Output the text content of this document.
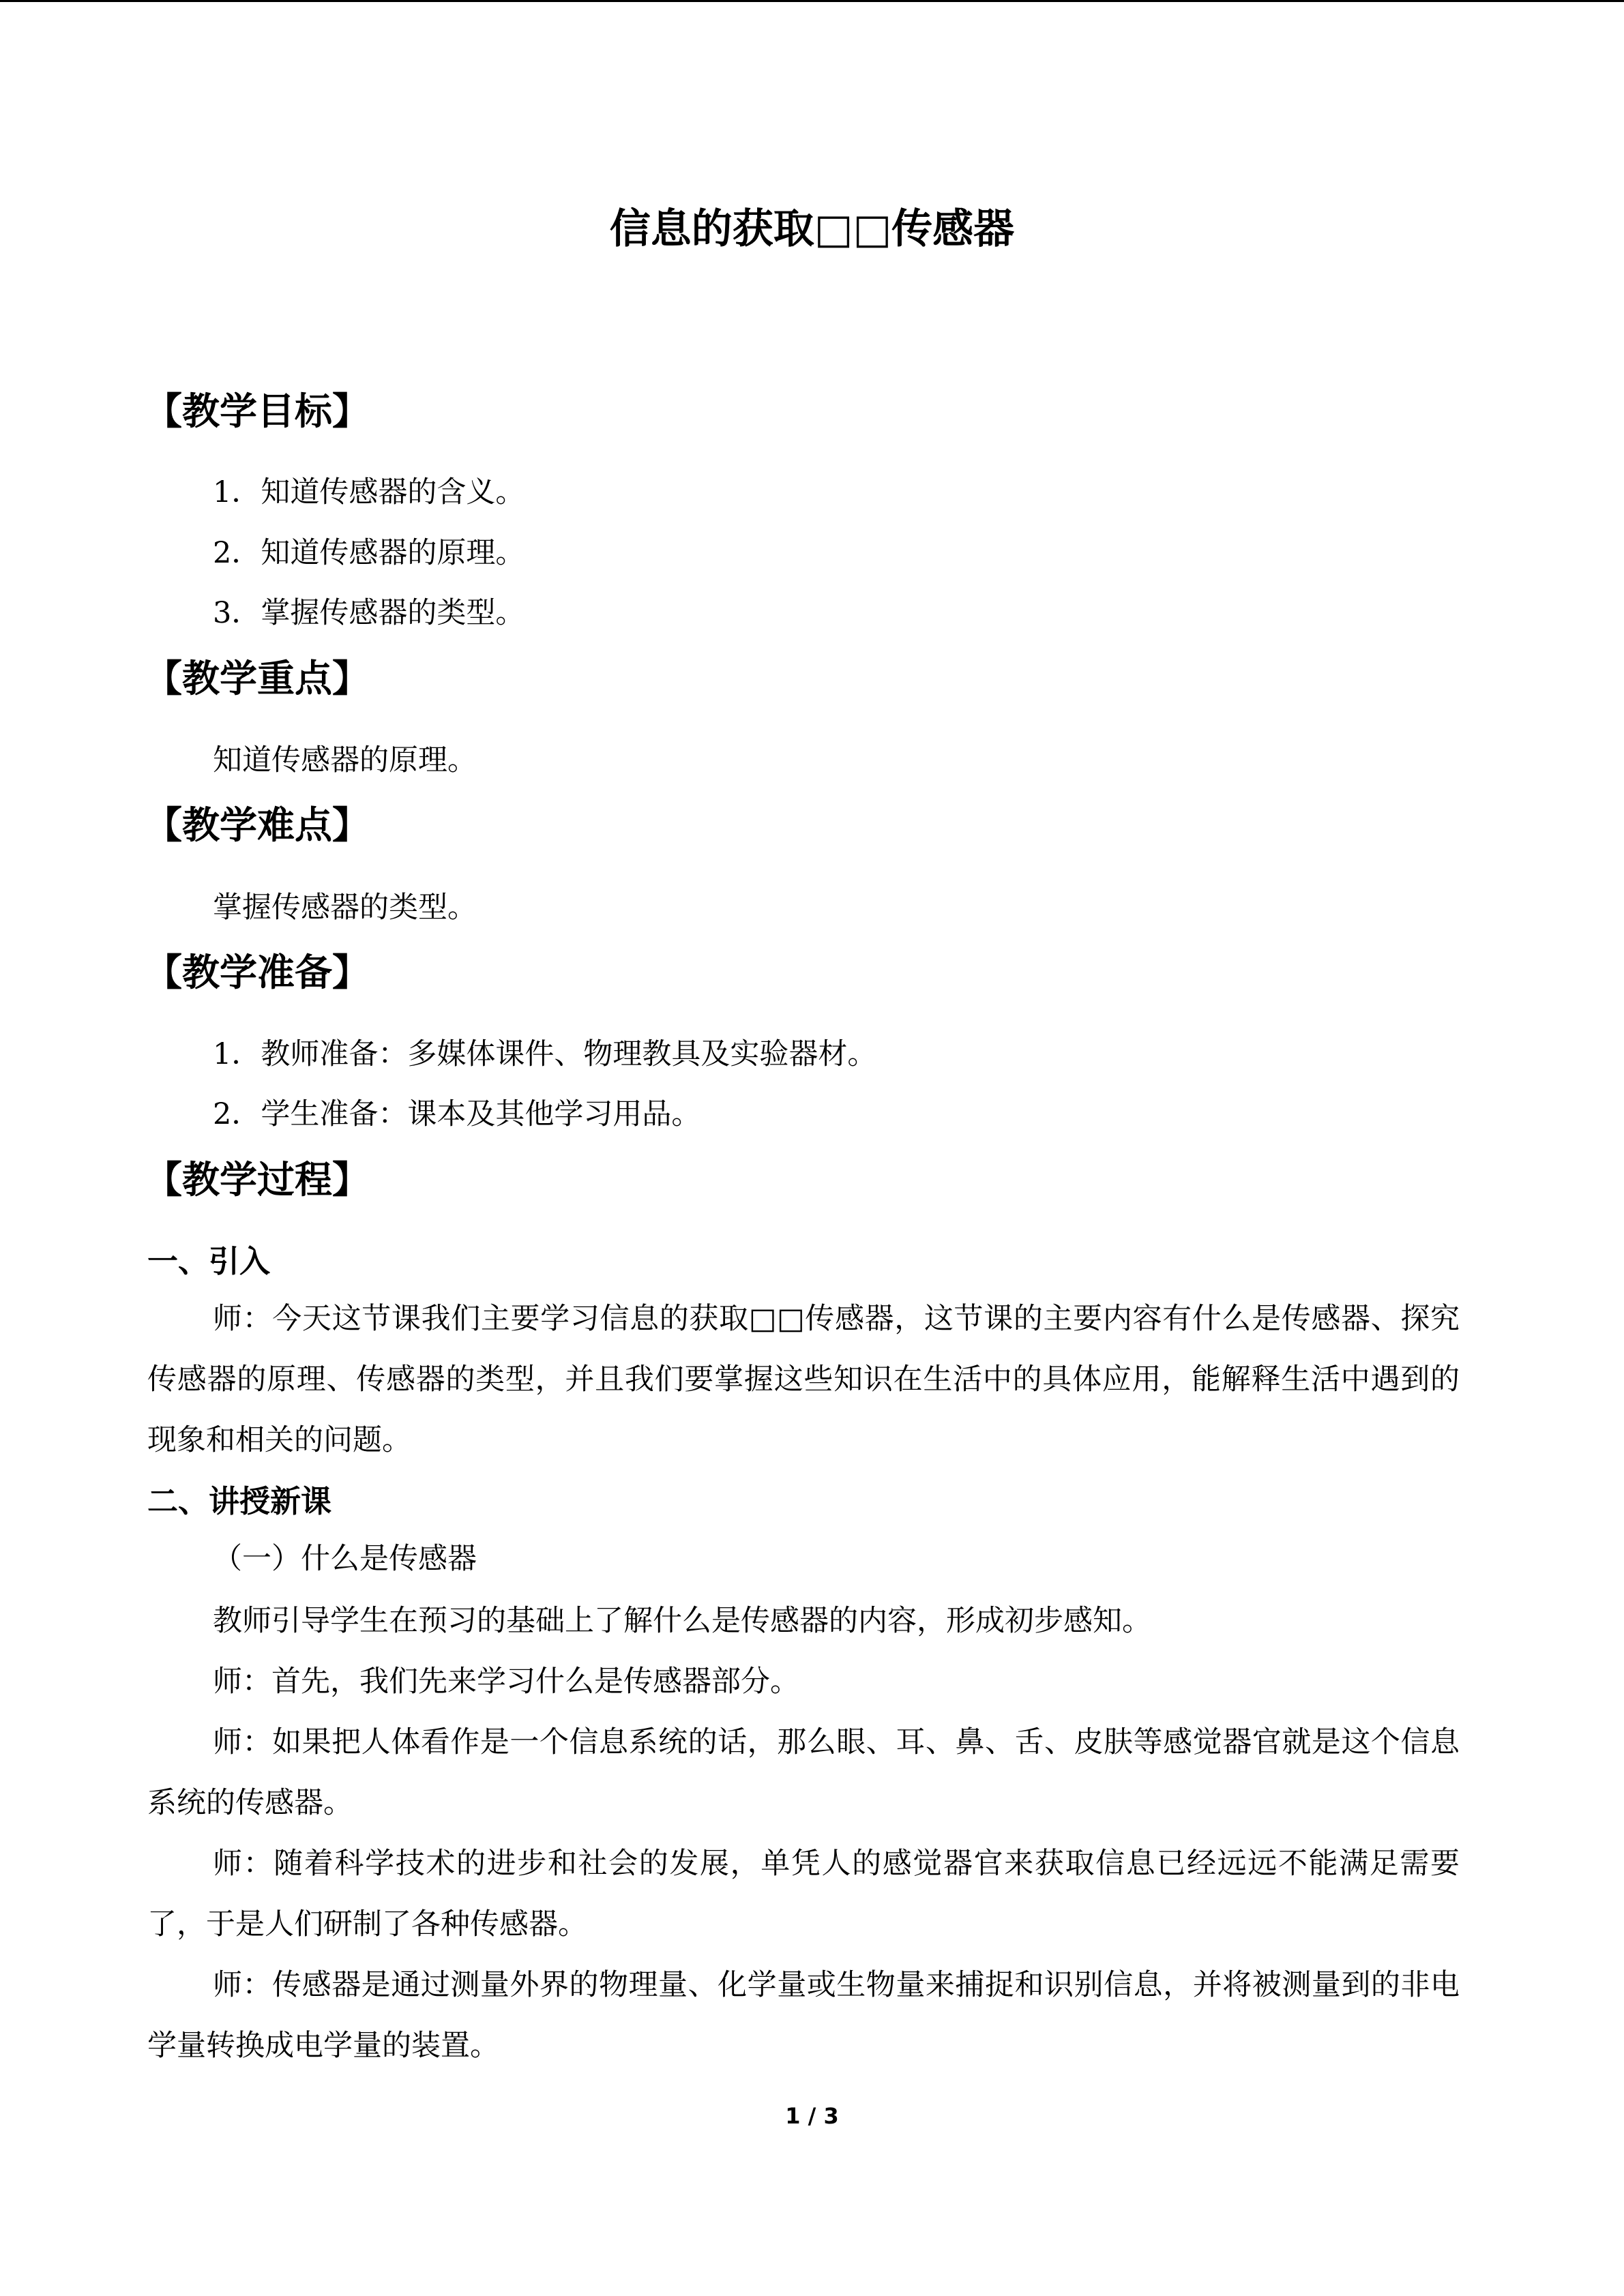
信息的获取□□传感器
【教学目标】
1．知道传感器的含义。
2．知道传感器的原理。
3．掌握传感器的类型。
【教学重点】
知道传感器的原理。
【教学难点】
掌握传感器的类型。
【教学准备】
1．教师准备：多媒体课件、物理教具及实验器材。
2．学生准备：课本及其他学习用品。
【教学过程】
一、引入

师：今天这节课我们主要学习信息的获取□□传感器，这节课的主要内容有什么是传感器、探究传感器的原理、传感器的类型，并且我们要掌握这些知识在生活中的具体应用，能解释生活中遇到的现象和相关的问题。

二、讲授新课
（一）什么是传感器

教师引导学生在预习的基础上了解什么是传感器的内容，形成初步感知。

师：首先，我们先来学习什么是传感器部分。

师：如果把人体看作是一个信息系统的话，那么眼、耳、鼻、舌、皮肤等感觉器官就是这个信息系统的传感器。

师：随着科学技术的进步和社会的发展，单凭人的感觉器官来获取信息已经远远不能满足需要了，于是人们研制了各种传感器。

师：传感器是通过测量外界的物理量、化学量或生物量来捕捉和识别信息，并将被测量到的非电学量转换成电学量的装置。

1 / 3
